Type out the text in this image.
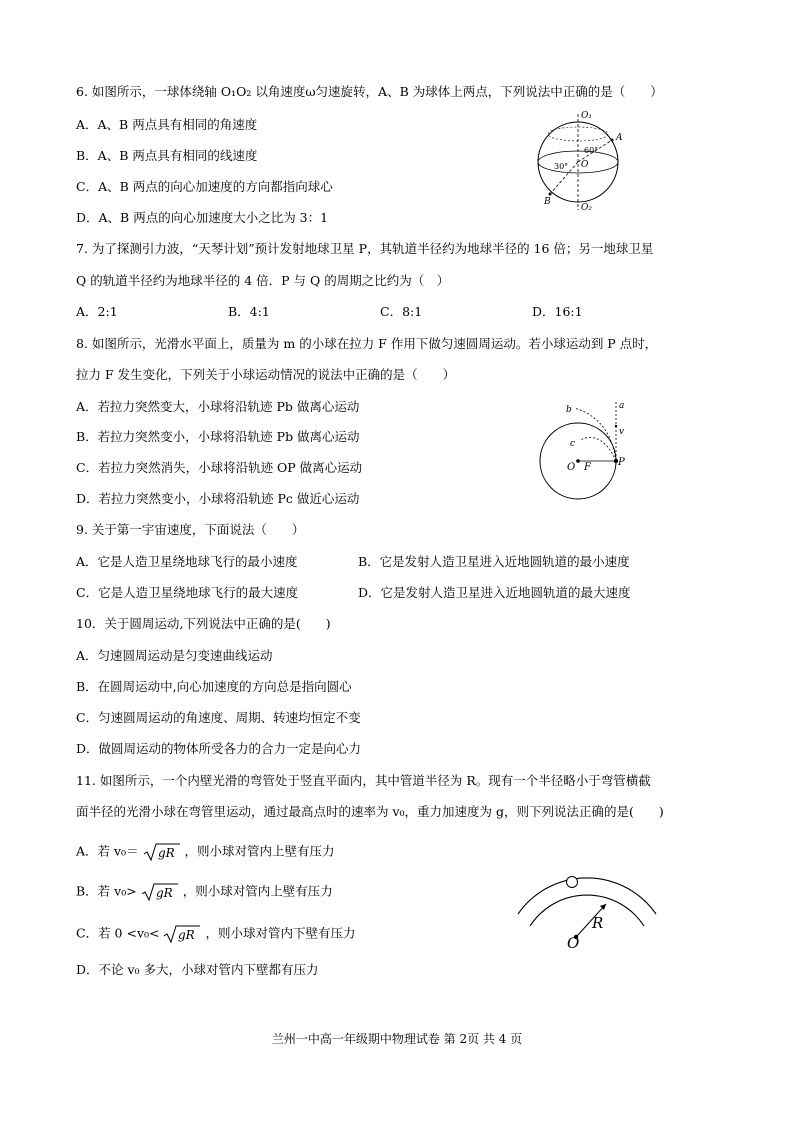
6. 如图所示，一球体绕轴 O₁O₂ 以角速度ω匀速旋转，A、B 为球体上两点，下列说法中正确的是（　　）
A．A、B 两点具有相同的角速度
B．A、B 两点具有相同的线速度
C．A、B 两点的向心加速度的方向都指向球心
D．A、B 两点的向心加速度大小之比为 3：1
O₁
O₂
A
B
O
60°
30°
7. 为了探测引力波，“天琴计划”预计发射地球卫星 P，其轨道半径约为地球半径的 16 倍；另一地球卫星
Q 的轨道半径约为地球半径的 4 倍．P 与 Q 的周期之比约为（　）
A．2:1	B．4:1	C．8:1	D．16:1
8. 如图所示，光滑水平面上，质量为 m 的小球在拉力 F 作用下做匀速圆周运动。若小球运动到 P 点时，
拉力 F 发生变化，下列关于小球运动情况的说法中正确的是（　　）
A．若拉力突然变大，小球将沿轨迹 Pb 做离心运动
B．若拉力突然变小，小球将沿轨迹 Pb 做离心运动
C．若拉力突然消失，小球将沿轨迹 OP 做离心运动
D．若拉力突然变小，小球将沿轨迹 Pc 做近心运动
a
b
c
v
O F	P
9. 关于第一宇宙速度，下面说法（　　）
A．它是人造卫星绕地球飞行的最小速度	B．它是发射人造卫星进入近地圆轨道的最小速度
C．它是人造卫星绕地球飞行的最大速度	D．它是发射人造卫星进入近地圆轨道的最大速度
10．关于圆周运动,下列说法中正确的是(　　)
A．匀速圆周运动是匀变速曲线运动
B．在圆周运动中,向心加速度的方向总是指向圆心
C．匀速圆周运动的角速度、周期、转速均恒定不变
D．做圆周运动的物体所受各力的合力一定是向心力
11. 如图所示，一个内壁光滑的弯管处于竖直平面内，其中管道半径为 R。现有一个半径略小于弯管横截
面半径的光滑小球在弯管里运动，通过最高点时的速率为 v₀，重力加速度为 g，则下列说法正确的是(　　)
A．若 v₀＝ gR ，则小球对管内上壁有压力
B．若 v₀> gR ，则小球对管内上壁有压力
C．若 0 <v₀< gR ，则小球对管内下壁有压力
D．不论 v₀ 多大，小球对管内下壁都有压力
R
O
兰州一中高一年级期中物理试卷 第 2页 共 4 页
